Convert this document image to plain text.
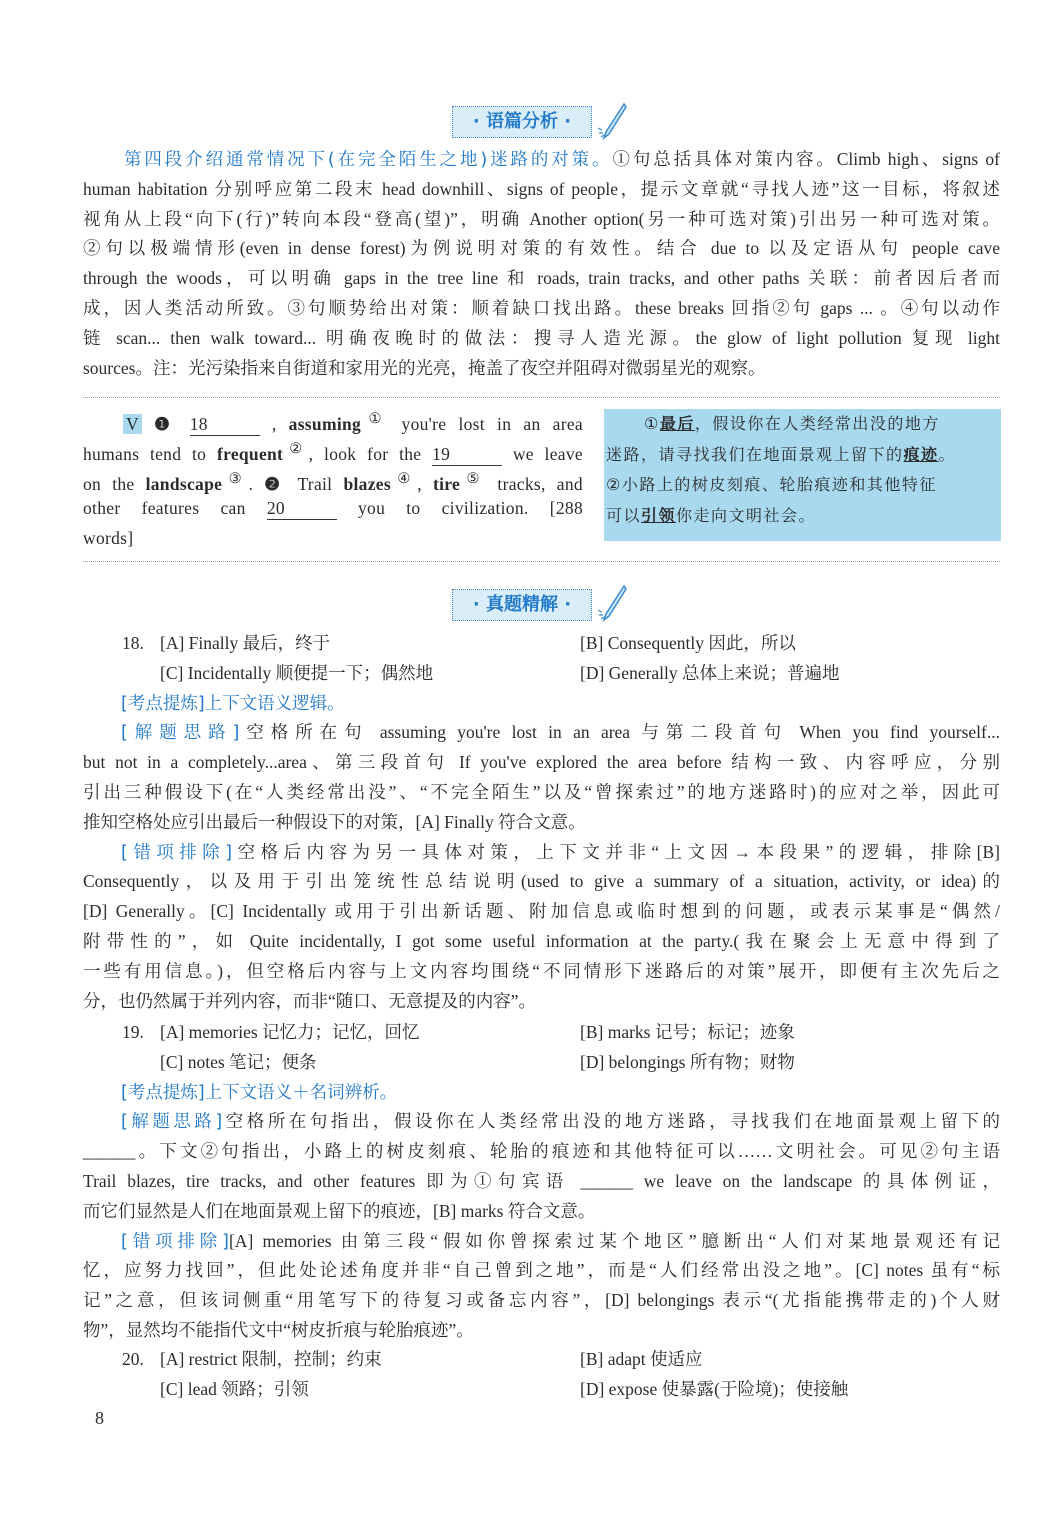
· 语篇分析 ·
第四段介绍通常情况下(在完全陌生之地)迷路的对策。①句总括具体对策内容。Climb high、signs of
human habitation 分别呼应第二段末 head downhill、signs of people，提示文章就“寻找人迹”这一目标，将叙述
视角从上段“向下(行)”转向本段“登高(望)”，明确 Another option(另一种可选对策)引出另一种可选对策。
②句以极端情形(even in dense forest)为例说明对策的有效性。结合 due to 以及定语从句 people cave
through the woods，可以明确 gaps in the tree line 和 roads, train tracks, and other paths 关联：前者因后者而
成，因人类活动所致。③句顺势给出对策：顺着缺口找出路。these breaks 回指②句 gaps ... 。④句以动作
链 scan... then walk toward... 明确夜晚时的做法：搜寻人造光源。the glow of light pollution 复现 light
sources。注：光污染指来自街道和家用光的光亮，掩盖了夜空并阻碍对微弱星光的观察。
V ❶ 18	, assuming① you're lost in an area
humans tend to frequent②, look for the 19	we leave
on the landscape③. ❷ Trail blazes④, tire⑤ tracks, and
other features can 20	you to civilization. [288
words]
①最后，假设你在人类经常出没的地方
迷路，请寻找我们在地面景观上留下的痕迹。
②小路上的树皮刻痕、轮胎痕迹和其他特征
可以引领你走向文明社会。
· 真题精解 ·
18. [A] Finally 最后，终于	[B] Consequently 因此，所以
[C] Incidentally 顺便提一下；偶然地	[D] Generally 总体上来说；普遍地
[考点提炼]上下文语义逻辑。
[解题思路]空格所在句 assuming you're lost in an area 与第二段首句 When you find yourself...
but not in a completely...area、第三段首句 If you've explored the area before 结构一致、内容呼应，分别
引出三种假设下(在“人类经常出没”、“不完全陌生”以及“曾探索过”的地方迷路时)的应对之举，因此可
推知空格处应引出最后一种假设下的对策，[A] Finally 符合文意。
[错项排除]空格后内容为另一具体对策，上下文并非“上文因→本段果”的逻辑，排除[B]
Consequently，以及用于引出笼统性总结说明(used to give a summary of a situation, activity, or idea)的
[D] Generally。[C] Incidentally 或用于引出新话题、附加信息或临时想到的问题，或表示某事是“偶然/
附带性的”，如 Quite incidentally, I got some useful information at the party.(我在聚会上无意中得到了
一些有用信息。)，但空格后内容与上文内容均围绕“不同情形下迷路后的对策”展开，即便有主次先后之
分，也仍然属于并列内容，而非“随口、无意提及的内容”。
19. [A] memories 记忆力；记忆，回忆	[B] marks 记号；标记；迹象
[C] notes 笔记；便条	[D] belongings 所有物；财物
[考点提炼]上下文语义＋名词辨析。
[解题思路]空格所在句指出，假设你在人类经常出没的地方迷路，寻找我们在地面景观上留下的
______。下文②句指出，小路上的树皮刻痕、轮胎的痕迹和其他特征可以……文明社会。可见②句主语
Trail blazes, tire tracks, and other features 即为①句宾语 ______ we leave on the landscape 的具体例证，
而它们显然是人们在地面景观上留下的痕迹，[B] marks 符合文意。
[错项排除][A] memories 由第三段“假如你曾探索过某个地区”臆断出“人们对某地景观还有记
忆，应努力找回”，但此处论述角度并非“自己曾到之地”，而是“人们经常出没之地”。[C] notes 虽有“标
记”之意，但该词侧重“用笔写下的待复习或备忘内容”，[D] belongings 表示“(尤指能携带走的)个人财
物”，显然均不能指代文中“树皮折痕与轮胎痕迹”。
20. [A] restrict 限制，控制；约束	[B] adapt 使适应
[C] lead 领路；引领	[D] expose 使暴露(于险境)；使接触
8
